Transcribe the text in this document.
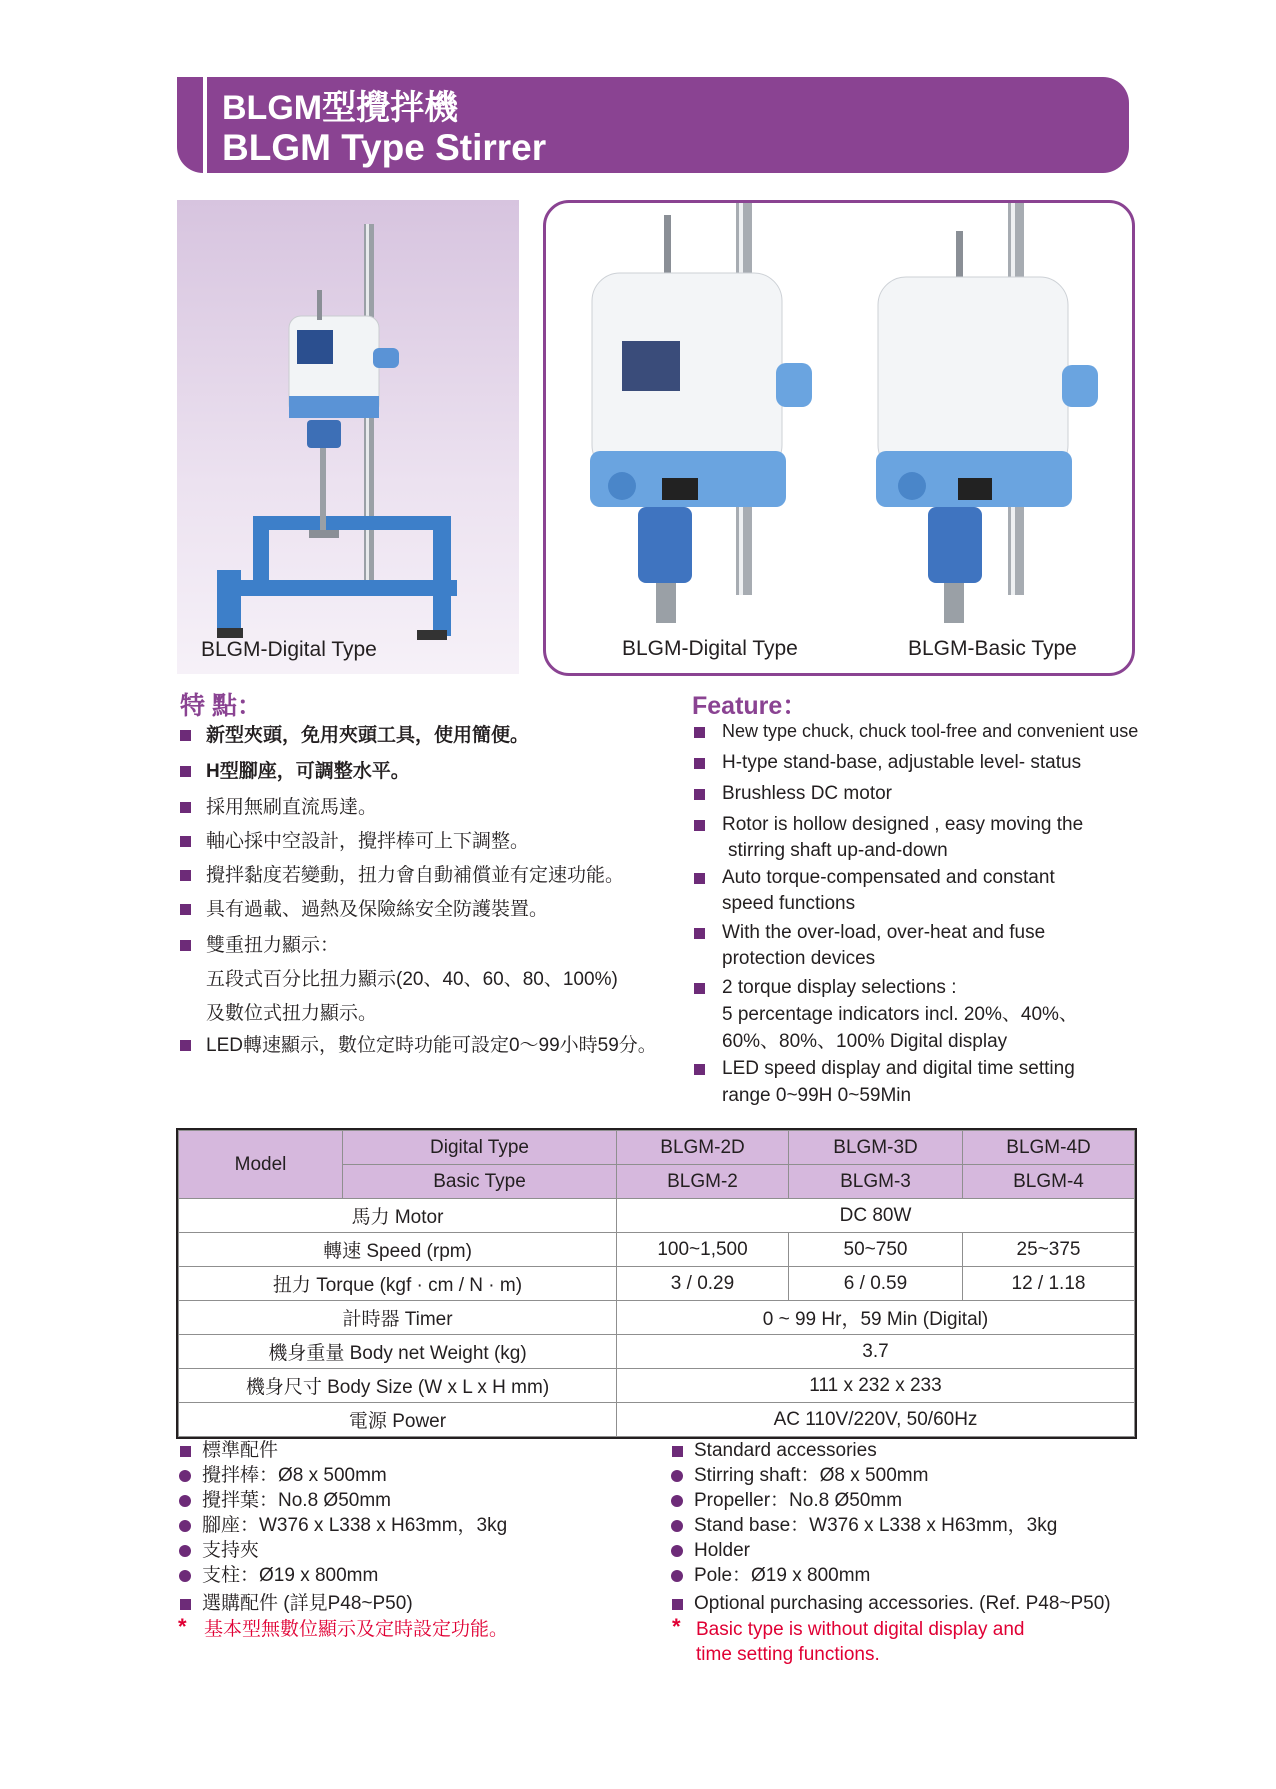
BLGM型攪拌機
BLGM Type Stirrer
BLGM-Digital Type	BLGM-Digital Type	BLGM-Basic Type
特 點：
新型夾頭，免用夾頭工具，使用簡便。
H型腳座，可調整水平。
採用無刷直流馬達。
軸心採中空設計，攪拌棒可上下調整。
攪拌黏度若變動，扭力會自動補償並有定速功能。
具有過載、過熱及保險絲安全防護裝置。
雙重扭力顯示：
五段式百分比扭力顯示(20、40、60、80、100%)
及數位式扭力顯示。
LED轉速顯示，數位定時功能可設定0～99小時59分。
Feature：
New type chuck, chuck tool-free and convenient use
H-type stand-base, adjustable level- status
Brushless DC motor
Rotor is hollow designed , easy moving the
stirring shaft up-and-down
Auto torque-compensated and constant
speed functions
With the over-load, over-heat and fuse
protection devices
2 torque display selections :
5 percentage indicators incl. 20%、40%、
60%、80%、100% Digital display
LED speed display and digital time setting
range 0~99H 0~59Min
Model	Digital Type	BLGM-2D	BLGM-3D	BLGM-4D
	Basic Type	BLGM-2	BLGM-3	BLGM-4
馬力 Motor		DC 80W		
轉速 Speed (rpm)		100~1,500	50~750	25~375
扭力 Torque (kgf · cm / N · m)		3 / 0.29	6 / 0.59	12 / 1.18
計時器 Timer		0 ~ 99 Hr，59 Min (Digital)		
機身重量 Body net Weight (kg)		3.7		
機身尺寸 Body Size (W x L x H mm)		111 x 232 x 233		
電源 Power		AC 110V/220V, 50/60Hz		
標準配件
攪拌棒：Ø8 x 500mm
攪拌葉：No.8 Ø50mm
腳座：W376 x L338 x H63mm，3kg
支持夾
支柱：Ø19 x 800mm
選購配件 (詳見P48~P50)
* 基本型無數位顯示及定時設定功能。
Standard accessories
Stirring shaft：Ø8 x 500mm
Propeller：No.8 Ø50mm
Stand base：W376 x L338 x H63mm，3kg
Holder
Pole：Ø19 x 800mm
Optional purchasing accessories. (Ref. P48~P50)
* Basic type is without digital display and
time setting functions.
